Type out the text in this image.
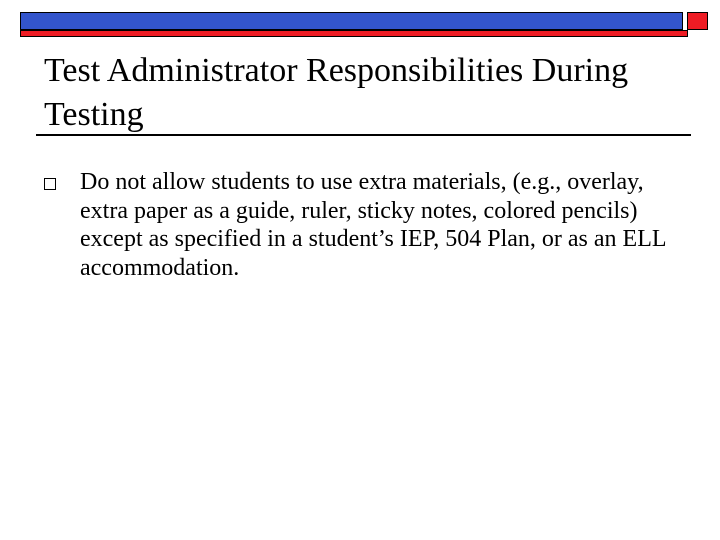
Test Administrator Responsibilities During Testing
Do not allow students to use extra materials, (e.g., overlay, extra paper as a guide, ruler, sticky notes, colored pencils) except as specified in a student’s IEP, 504 Plan, or as an ELL accommodation.
